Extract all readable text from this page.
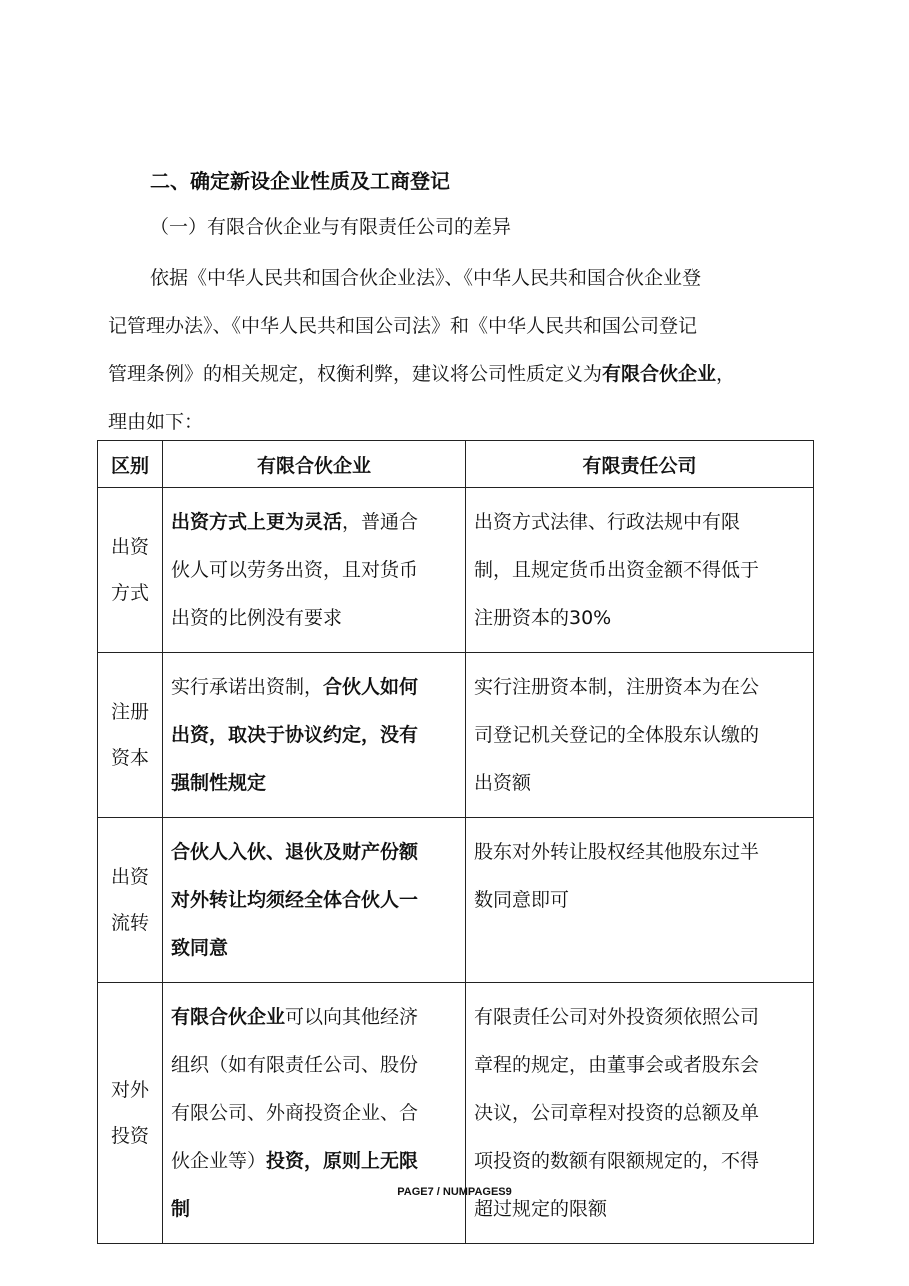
二、确定新设企业性质及工商登记
（一）有限合伙企业与有限责任公司的差异

依据《中华人民共和国合伙企业法》、《中华人民共和国合伙企业登

记管理办法》、《中华人民共和国公司法》和《中华人民共和国公司登记

管理条例》的相关规定，权衡利弊，建议将公司性质定义为有限合伙企业，

理由如下：

区别	有限合伙企业	有限责任公司

出资
方式	出资方式上更为灵活，普通合
伙人可以劳务出资，且对货币
出资的比例没有要求	出资方式法律、行政法规中有限
制，且规定货币出资金额不得低于
注册资本的30%

注册
资本	实行承诺出资制，合伙人如何
出资，取决于协议约定，没有
强制性规定	实行注册资本制，注册资本为在公
司登记机关登记的全体股东认缴的
出资额

出资
流转	合伙人入伙、退伙及财产份额
对外转让均须经全体合伙人一
致同意	股东对外转让股权经其他股东过半
数同意即可

对外
投资	有限合伙企业可以向其他经济
组织（如有限责任公司、股份
有限公司、外商投资企业、合
伙企业等）投资，原则上无限
制	有限责任公司对外投资须依照公司
章程的规定，由董事会或者股东会
决议，公司章程对投资的总额及单
项投资的数额有限额规定的，不得
超过规定的限额
PAGE7 / NUMPAGES9
